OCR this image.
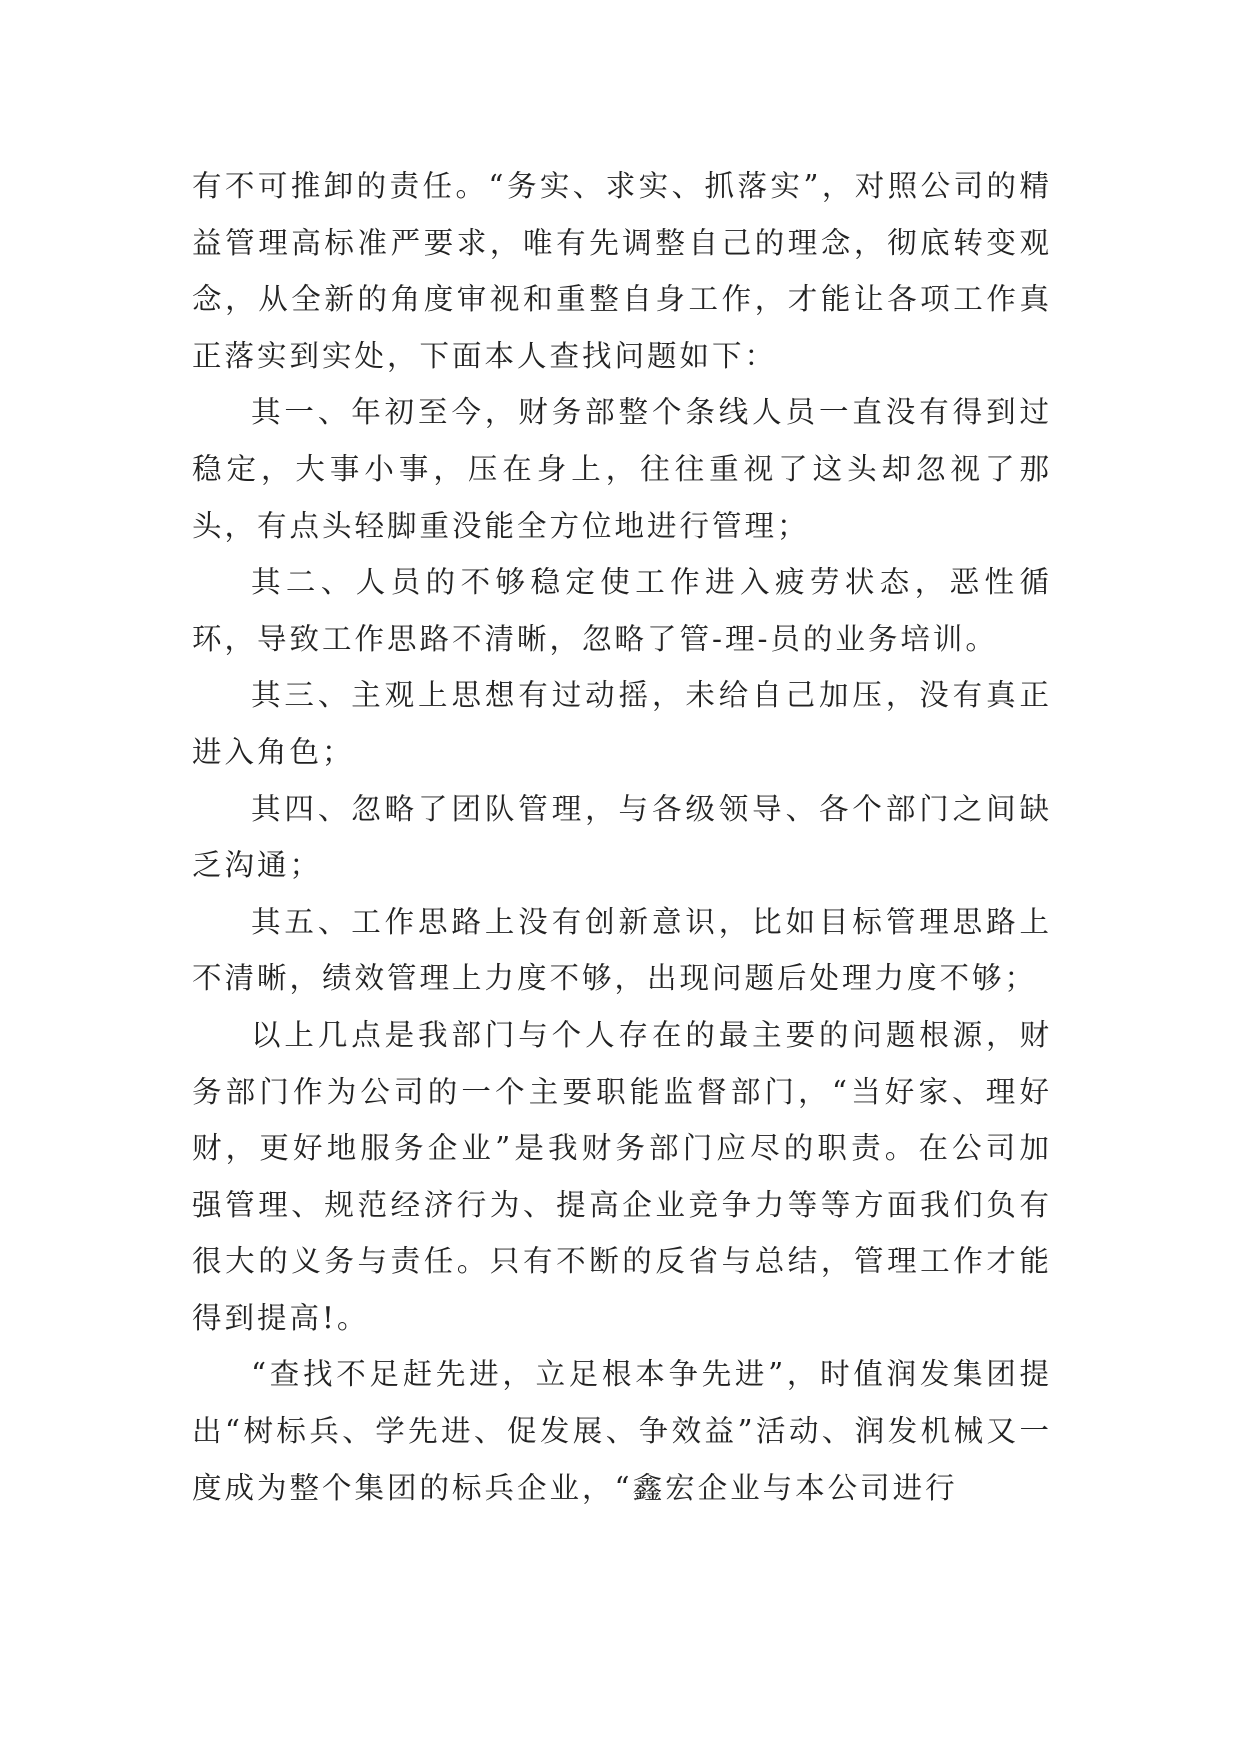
有不可推卸的责任。“务实、求实、抓落实”，对照公司的精益管理高标准严要求，唯有先调整自己的理念，彻底转变观念，从全新的角度审视和重整自身工作，才能让各项工作真正落实到实处，下面本人查找问题如下：

其一、年初至今，财务部整个条线人员一直没有得到过稳定，大事小事，压在身上，往往重视了这头却忽视了那头，有点头轻脚重没能全方位地进行管理；

其二、人员的不够稳定使工作进入疲劳状态，恶性循环，导致工作思路不清晰，忽略了管-理-员的业务培训。

其三、主观上思想有过动摇，未给自己加压，没有真正进入角色；

其四、忽略了团队管理，与各级领导、各个部门之间缺乏沟通；

其五、工作思路上没有创新意识，比如目标管理思路上不清晰，绩效管理上力度不够，出现问题后处理力度不够；

以上几点是我部门与个人存在的最主要的问题根源，财务部门作为公司的一个主要职能监督部门，“当好家、理好财，更好地服务企业”是我财务部门应尽的职责。在公司加强管理、规范经济行为、提高企业竞争力等等方面我们负有很大的义务与责任。只有不断的反省与总结，管理工作才能得到提高!。

“查找不足赶先进，立足根本争先进”，时值润发集团提出“树标兵、学先进、促发展、争效益”活动、润发机械又一度成为整个集团的标兵企业，“鑫宏企业与本公司进行
